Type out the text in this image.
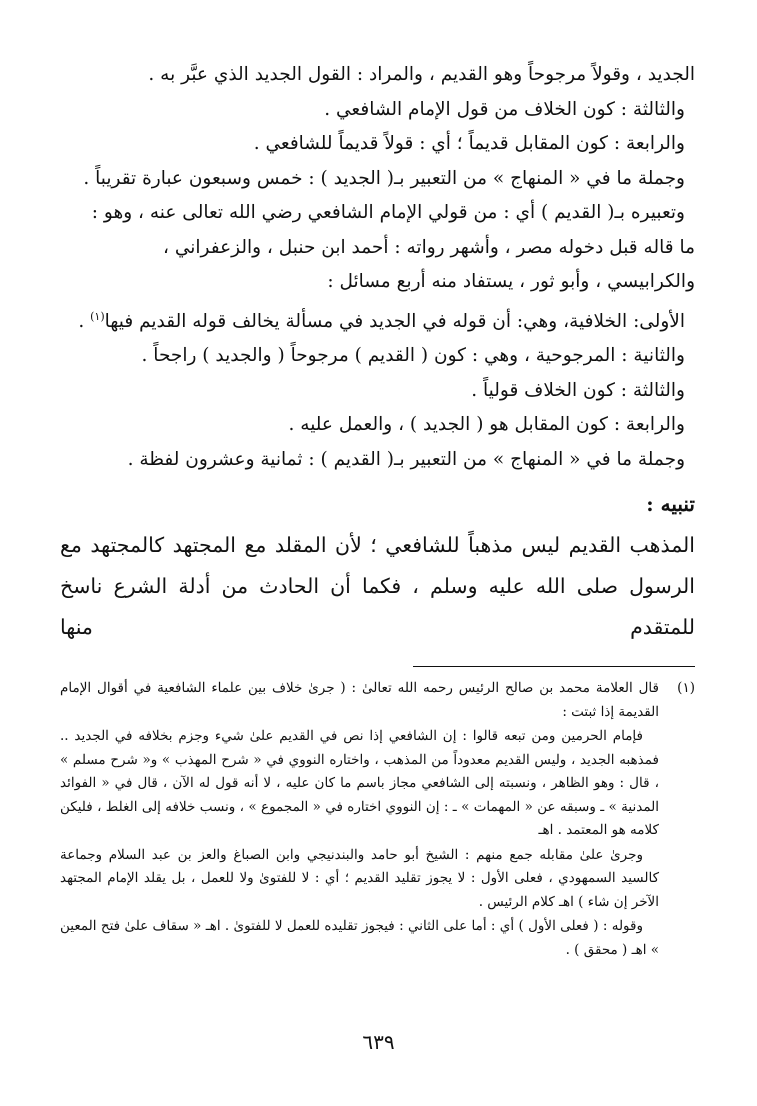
الجديد ، وقولاً مرجوحاً وهو القديم ، والمراد : القول الجديد الذي عبَّر به .

والثالثة : كون الخلاف من قول الإمام الشافعي .

والرابعة : كون المقابل قديماً ؛ أي : قولاً قديماً للشافعي .

وجملة ما في « المنهاج » من التعبير بـ( الجديد ) : خمس وسبعون عبارة تقريباً .

وتعبيره بـ( القديم ) أي : من قولي الإمام الشافعي رضي الله تعالى عنه ، وهو :

ما قاله قبل دخوله مصر ، وأشهر رواته : أحمد ابن حنبل ، والزعفراني ،

والكرابيسي ، وأبو ثور ، يستفاد منه أربع مسائل :

الأولى: الخلافية، وهي: أن قوله في الجديد في مسألة يخالف قوله القديم فيها$^{(١)}$ .

والثانية : المرجوحية ، وهي : كون ( القديم ) مرجوحاً ( والجديد ) راجحاً .

والثالثة : كون الخلاف قولياً .

والرابعة : كون المقابل هو ( الجديد ) ، والعمل عليه .

وجملة ما في « المنهاج » من التعبير بـ( القديم ) : ثمانية وعشرون لفظة .

تنبيه :

المذهب القديم ليس مذهباً للشافعي ؛ لأن المقلد مع المجتهد كالمجتهد مع

الرسول صلى الله عليه وسلم ، فكما أن الحادث من أدلة الشرع ناسخ للمتقدم منها

(١)

قال العلامة محمد بن صالح الرئيس رحمه الله تعالىٰ : ( جرىٰ خلاف بين علماء الشافعية في أقوال الإمام القديمة إذا ثبتت :

فإمام الحرمين ومن تبعه قالوا : إن الشافعي إذا نص في القديم علىٰ شيء وجزم بخلافه في الجديد .. فمذهبه الجديد ، وليس القديم معدوداً من المذهب ، واختاره النووي في « شرح المهذب » و« شرح مسلم » ، قال : وهو الظاهر ، ونسبته إلى الشافعي مجاز باسم ما كان عليه ، لا أنه قول له الآن ، قال في « الفوائد المدنية » ـ وسبقه عن « المهمات » ـ : إن النووي اختاره في « المجموع » ، ونسب خلافه إلى الغلط ، فليكن كلامه هو المعتمد . اهـ

وجرىٰ علىٰ مقابله جمع منهم : الشيخ أبو حامد والبندنيجي وابن الصباغ والعز بن عبد السلام وجماعة كالسيد السمهودي ، فعلى الأول : لا يجوز تقليد القديم ؛ أي : لا للفتوىٰ ولا للعمل ، بل يقلد الإمام المجتهد الآخر إن شاء ) اهـ كلام الرئيس .

وقوله : ( فعلى الأول ) أي : أما على الثاني : فيجوز تقليده للعمل لا للفتوىٰ . اهـ « سقاف علىٰ فتح المعين » اهـ ( محقق ) .

٦٣٩
